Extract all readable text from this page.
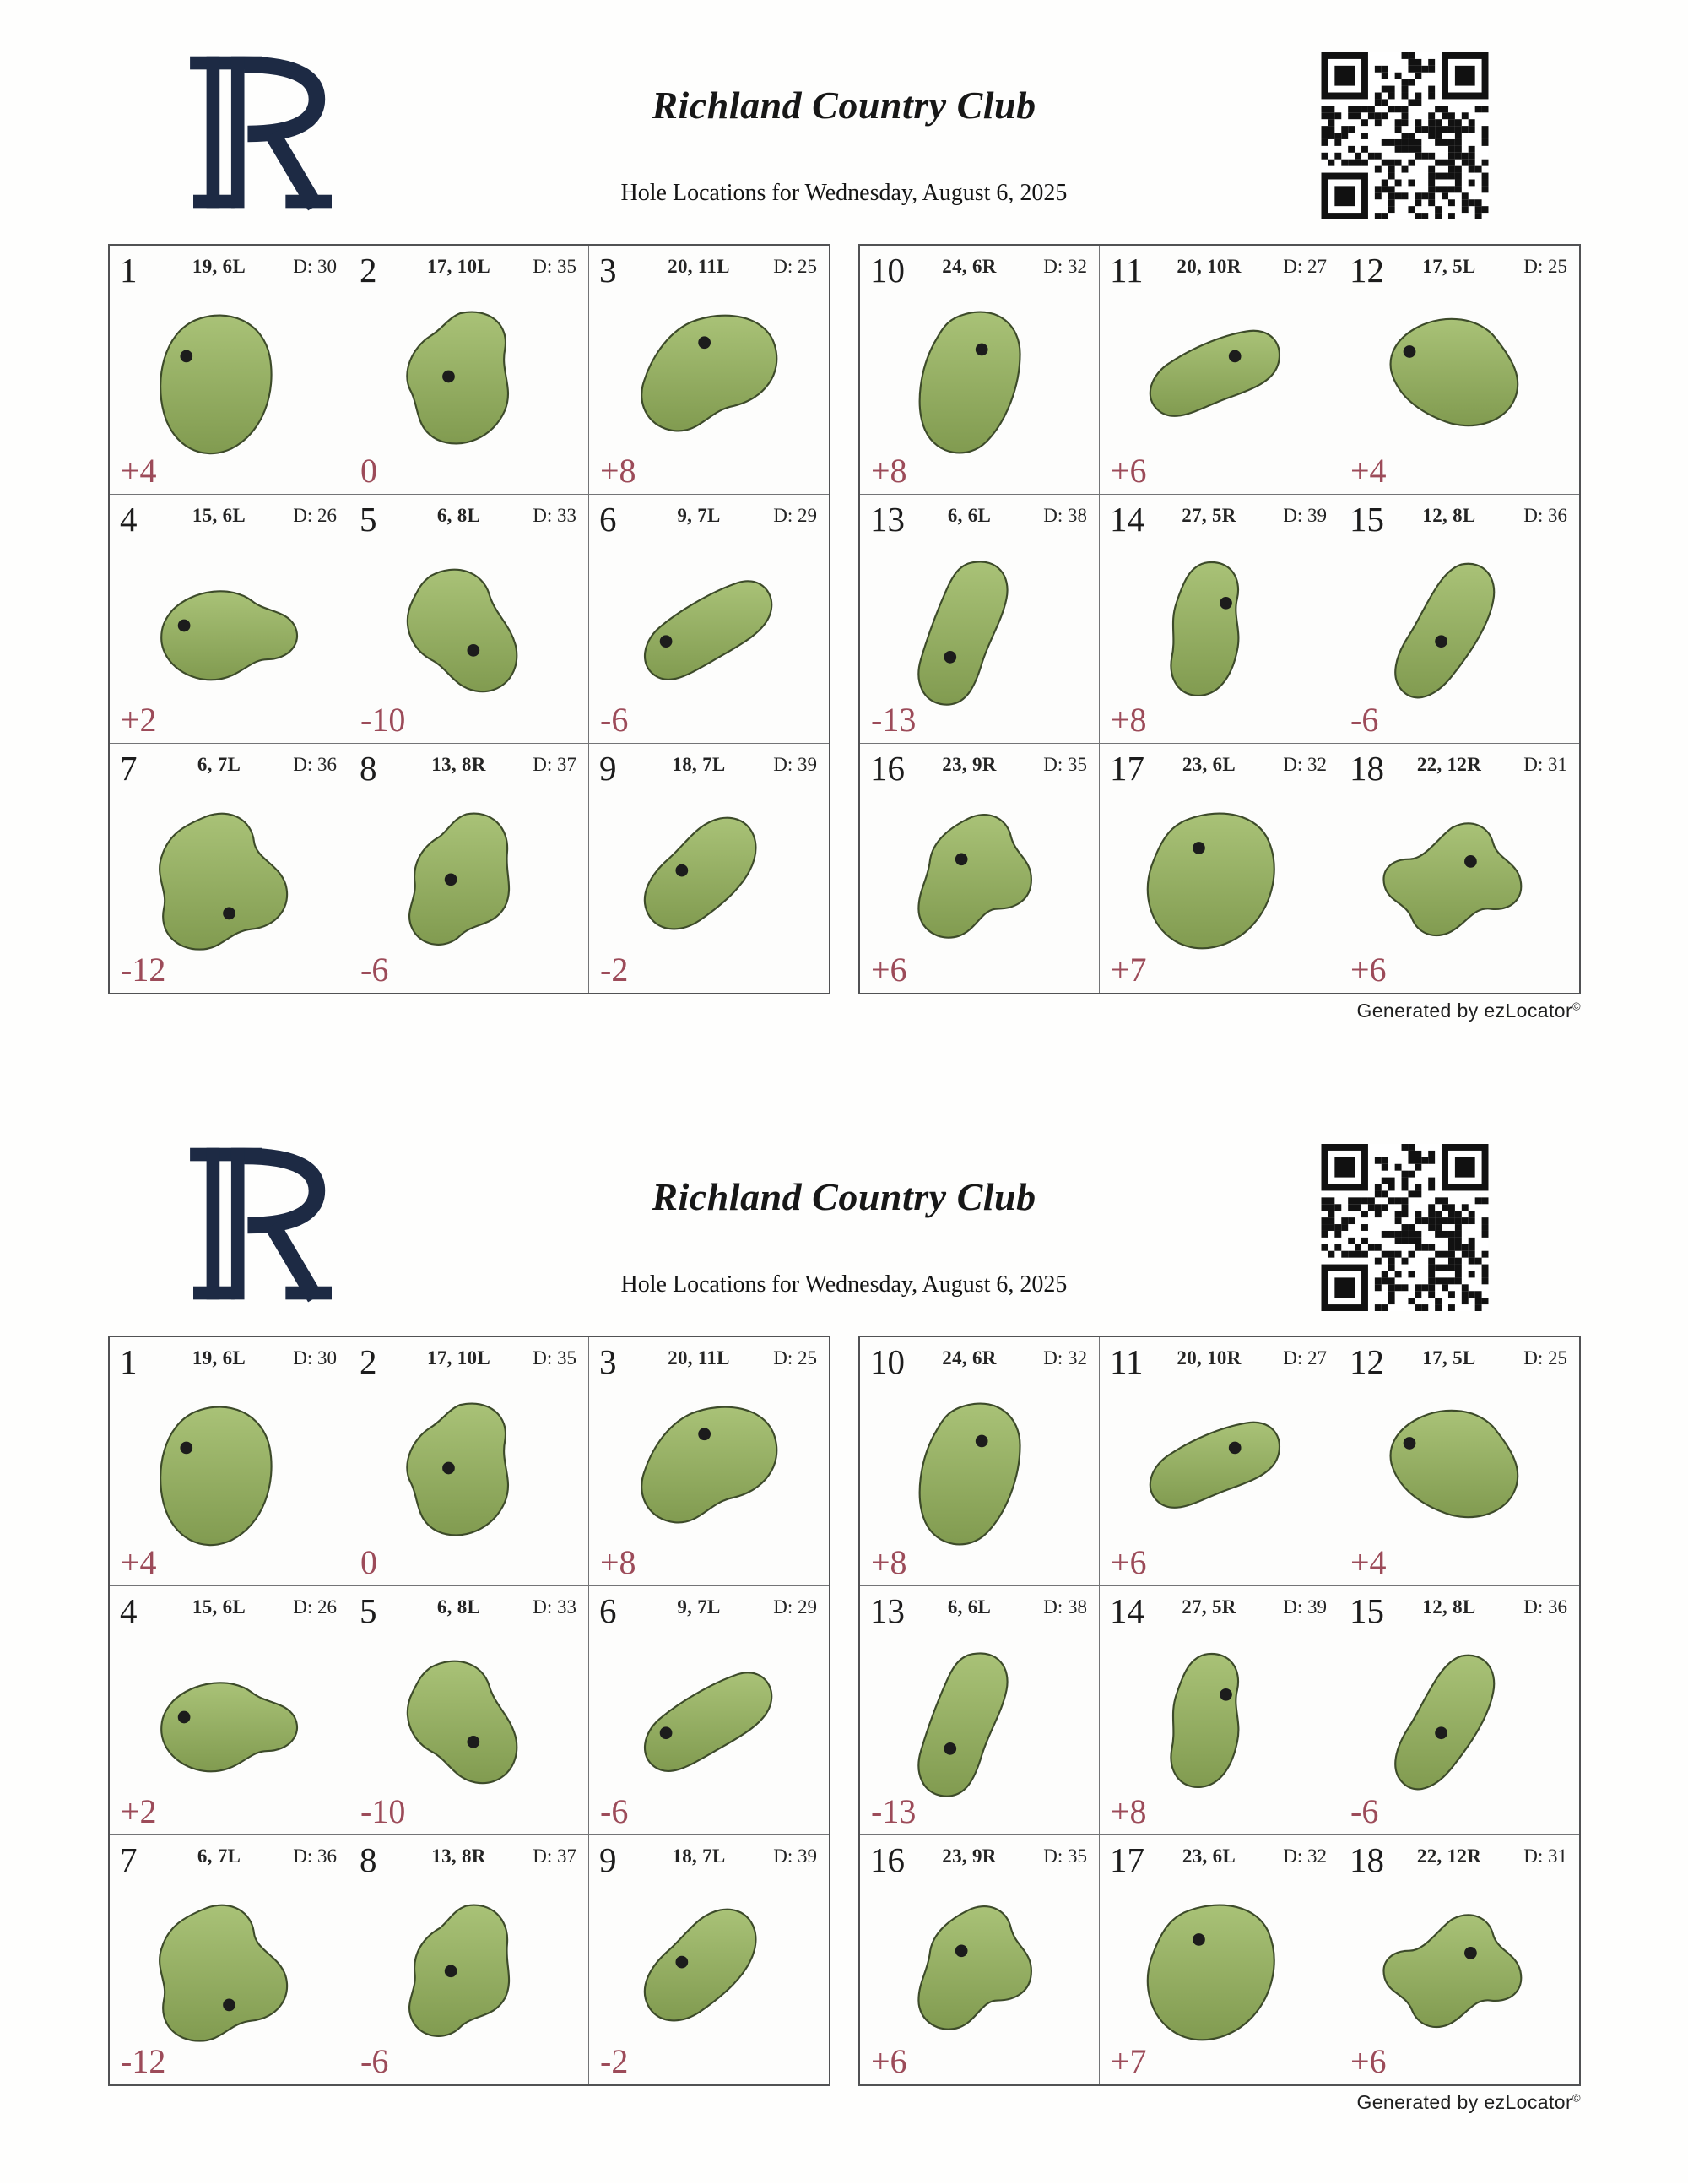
Richland Country Club
Hole Locations for Wednesday, August 6, 2025
1	19, 6L	D: 30
+4
2	17, 10L	D: 35
0
3	20, 11L	D: 25
+8
4	15, 6L	D: 26
+2
5	6, 8L	D: 33
-10
6	9, 7L	D: 29
-6
7	6, 7L	D: 36
-12
8	13, 8R	D: 37
-6
9	18, 7L	D: 39
-2
10	24, 6R	D: 32
+8
11	20, 10R	D: 27
+6
12	17, 5L	D: 25
+4
13	6, 6L	D: 38
-13
14	27, 5R	D: 39
+8
15	12, 8L	D: 36
-6
16	23, 9R	D: 35
+6
17	23, 6L	D: 32
+7
18	22, 12R	D: 31
+6
Generated by ezLocator©
Richland Country Club
Hole Locations for Wednesday, August 6, 2025
1	19, 6L	D: 30
+4
2	17, 10L	D: 35
0
3	20, 11L	D: 25
+8
4	15, 6L	D: 26
+2
5	6, 8L	D: 33
-10
6	9, 7L	D: 29
-6
7	6, 7L	D: 36
-12
8	13, 8R	D: 37
-6
9	18, 7L	D: 39
-2
10	24, 6R	D: 32
+8
11	20, 10R	D: 27
+6
12	17, 5L	D: 25
+4
13	6, 6L	D: 38
-13
14	27, 5R	D: 39
+8
15	12, 8L	D: 36
-6
16	23, 9R	D: 35
+6
17	23, 6L	D: 32
+7
18	22, 12R	D: 31
+6
Generated by ezLocator©
